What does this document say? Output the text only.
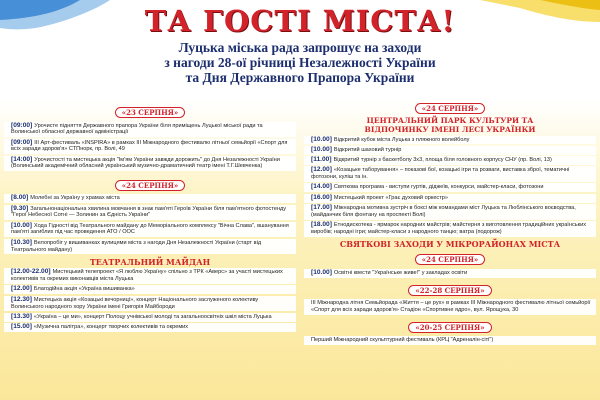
ТА ГОСТІ МІСТА!
Луцька міська рада запрошує на заходи
з нагоди 28-ої річниці Незалежності України
та Дня Державного Прапора України
«23 СЕРПНЯ»
[09:00] Урочисте підняття Державного прапора України біля приміщень Луцької міської ради та Волинської обласної державної адміністрації
[09:00] ІІІ Арт-фестиваль «INSPIRA» в рамках ІІІ Міжнародного фестивалю літньої семьйорії «Спорт для всіх заради здоров'я» СТПнорк, пр. Волі, 49
[14:00] Урочистості та мистецька акція "Ім'ям України завжди дорожить" до Дня Незалежності України (Волинський академічний обласний український музично-драматичний театр імені Т.Г.Шевченка)
«24 СЕРПНЯ»
[8.00] Молебні за Україну у храмах міста
[9.30] Загальнонаціональна хвилина мовчання в знак пам'яті Героїв України біля пам'ятного фотостенду "Герої Небесної Сотні — Золинин за Єдність України"
[10.00] Хода Гідності від Театрального майдану до Меморіального комплексу "Вічна Слава", вшанування пам'яті загиблих під час проведення АТО / ООС
[10.30] Велопробіг у вишиванках вулицями міста з нагоди Дня Незалежності України (старт від Театрального майдану)
ТЕАТРАЛЬНИЙ МАЙДАН
[12.00-22.00] Мистецький телепроект «Я люблю Україну» спільно з ТРК «Аверс» за участі мистецьких колективів та окремих виконавців міста Луцька
[12.00] Благодійна акція «Україна вишиванка»
[12.30] Мистецька акція «Козацькі вечорниці», концерт Національного заслуженого колективу Волинського народного хору України імені Григорія Майбороди
[13.30] «Україна – це ми», концерт Полоцу учнівської молоді та загальноосвітніх шкіл міста Луцька
[15.00] «Музична палітра», концерт творчих колективів та окремих
«24 СЕРПНЯ»
ЦЕНТРАЛЬНИЙ ПАРК КУЛЬТУРИ ТА
ВІДПОЧИНКУ ІМЕНІ ЛЕСІ УКРАЇНКИ
[10.00] Відкритий кубок міста Луцька з пляжного волейболу
[10.00] Відкритий шаховий турнір
[11.00] Відкритий турнір з баскетболу 3х3, площа біля головного корпусу СНУ (пр. Волі, 13)
[12.00] «Козацьке таборування» – показові бої, козацькі ігри та розваги, виставка зброї, тематичні фотозони, куліш та ін.
[14.00] Святкова програма - виступи гуртів, діджеїв, конкурси, майстер-класи, фотозони
[16.00] Мистецький проект «Грає духовий оркестр»
[17.00] Міжнародна мотивна зустріч в боксі між командами міст Луцька та Люблінського воєводства, (майданчик біля фонтану на проспекті Волі)
[18.00] Етнодискотека - ярмарок народних майстрів; майстерня з виготовлення традиційних українських виробів; народні ігри; майстер-класи з народного танцю; ватра (подорож)
СВЯТКОВІ ЗАХОДИ У МІКРОРАЙОНАХ МІСТА
«24 СЕРПНЯ»
[10.00] Освітні квести "Українське живе!" у закладах освіти
«22-28 СЕРПНЯ»
ІІІ Міжнародна літня Семьйорада «Життя – це рух» в рамках ІІІ Міжнародного фестивалю літньої семьйорії «Спорт для всіх заради здоров'я» Стадіон «Спортивне ядро», вул. Ярощука, 30
«20-25 СЕРПНЯ»
Перший Міжнародний скульптурний фестиваль (КРЦ "Адреналін-сіті")
